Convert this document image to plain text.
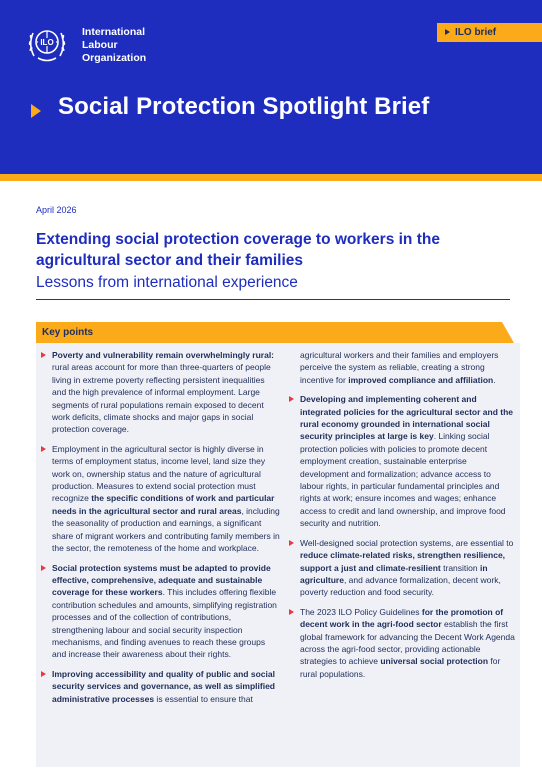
ILO
International
Labour
Organization
ILO brief
Social Protection Spotlight Brief
April 2026
Extending social protection coverage to workers in the agricultural sector and their families
Lessons from international experience
Key points
Poverty and vulnerability remain overwhelmingly rural: rural areas account for more than three-quarters of people living in extreme poverty reflecting persistent inequalities and the high prevalence of informal employment. Large segments of rural populations remain exposed to decent work deficits, climate shocks and major gaps in social protection coverage.
Employment in the agricultural sector is highly diverse in terms of employment status, income level, land size they work on, ownership status and the nature of agricultural production. Measures to extend social protection must recognize the specific conditions of work and particular needs in the agricultural sector and rural areas, including the seasonality of production and earnings, a significant share of migrant workers and contributing family members in the sector, the remoteness of the home and workplace.
Social protection systems must be adapted to provide effective, comprehensive, adequate and sustainable coverage for these workers. This includes offering flexible contribution schedules and amounts, simplifying registration processes and of the collection of contributions, strengthening labour and social security inspection mechanisms, and finding avenues to reach these groups and increase their awareness about their rights.
Improving accessibility and quality of public and social security services and governance, as well as simplified administrative processes is essential to ensure that
agricultural workers and their families and employers perceive the system as reliable, creating a strong incentive for improved compliance and affiliation.
Developing and implementing coherent and integrated policies for the agricultural sector and the rural economy grounded in international social security principles at large is key. Linking social protection policies with policies to promote decent employment creation, sustainable enterprise development and formalization; advance access to labour rights, in particular fundamental principles and rights at work; ensure incomes and wages; enhance access to credit and land ownership, and improve food security and nutrition.
Well-designed social protection systems, are essential to reduce climate-related risks, strengthen resilience, support a just and climate-resilient transition in agriculture, and advance formalization, decent work, poverty reduction and food security.
The 2023 ILO Policy Guidelines for the promotion of decent work in the agri-food sector establish the first global framework for advancing the Decent Work Agenda across the agri-food sector, providing actionable strategies to achieve universal social protection for rural populations.
